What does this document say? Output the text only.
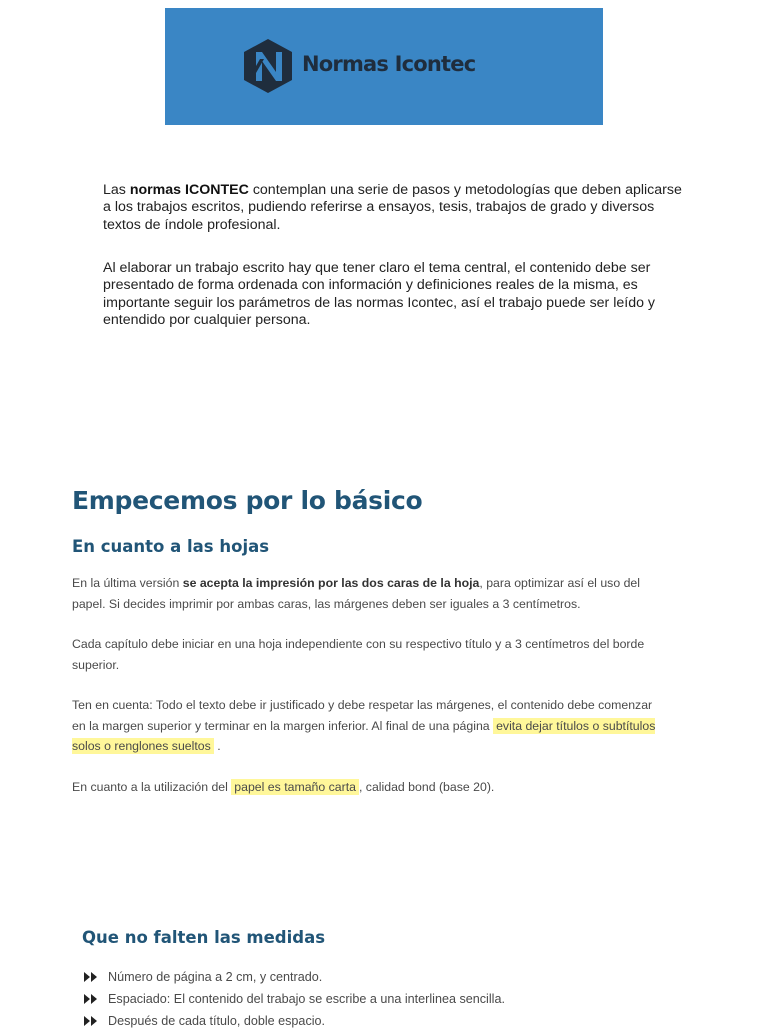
Normas Icontec

Las normas ICONTEC contemplan una serie de pasos y metodologías que deben aplicarse a los trabajos escritos, pudiendo referirse a ensayos, tesis, trabajos de grado y diversos textos de índole profesional.

Al elaborar un trabajo escrito hay que tener claro el tema central, el contenido debe ser presentado de forma ordenada con información y definiciones reales de la misma, es importante seguir los parámetros de las normas Icontec, así el trabajo puede ser leído y entendido por cualquier persona.

Empecemos por lo básico
En cuanto a las hojas

En la última versión se acepta la impresión por las dos caras de la hoja, para optimizar así el uso del papel. Si decides imprimir por ambas caras, las márgenes deben ser iguales a 3 centímetros.

Cada capítulo debe iniciar en una hoja independiente con su respectivo título y a 3 centímetros del borde superior.

Ten en cuenta: Todo el texto debe ir justificado y debe respetar las márgenes, el contenido debe comenzar en la margen superior y terminar en la margen inferior. Al final de una página evita dejar títulos o subtítulos solos o renglones sueltos .

En cuanto a la utilización del papel es tamaño carta , calidad bond (base 20).

Que no falten las medidas
Número de página a 2 cm, y centrado.
Espaciado: El contenido del trabajo se escribe a una interlinea sencilla.
Después de cada título, doble espacio.
